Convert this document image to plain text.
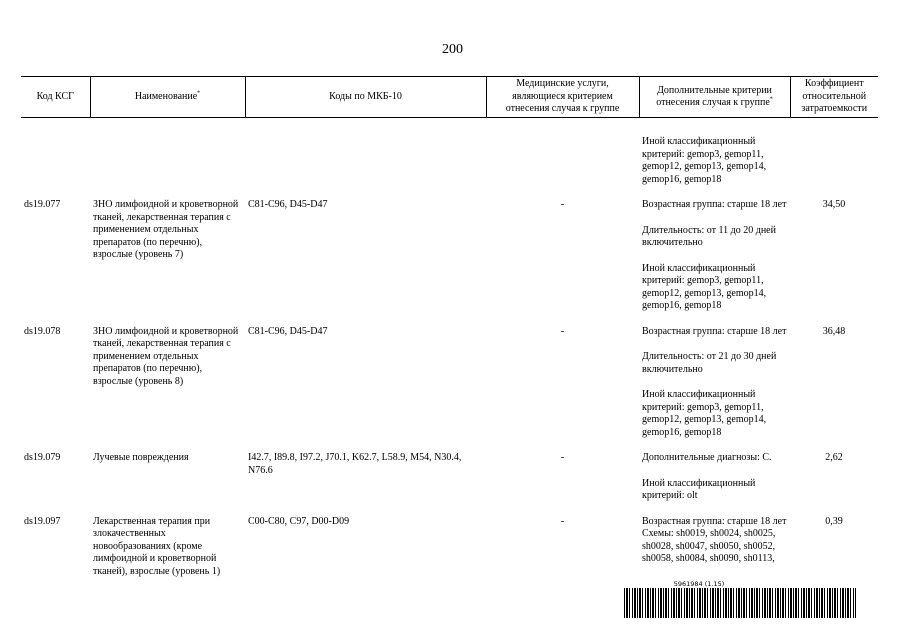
200
Код КСГ	Наименование*	Коды по МКБ-10	Медицинские услуги, являющиеся критерием отнесения случая к группе	Дополнительные критерии отнесения случая к группе*	Коэффициент относительной затратоемкости
				Иной классификационный критерий: gemop3, gemop11, gemop12, gemop13, gemop14, gemop16, gemop18	
ds19.077	ЗНО лимфоидной и кроветворной тканей, лекарственная терапия с применением отдельных препаратов (по перечню), взрослые (уровень 7)	C81-C96, D45-D47	-	Возрастная группа: старше 18 лет
Длительность: от 11 до 20 дней включительно
Иной классификационный критерий: gemop3, gemop11, gemop12, gemop13, gemop14, gemop16, gemop18	34,50
ds19.078	ЗНО лимфоидной и кроветворной тканей, лекарственная терапия с применением отдельных препаратов (по перечню), взрослые (уровень 8)	C81-C96, D45-D47	-	Возрастная группа: старше 18 лет
Длительность: от 21 до 30 дней включительно
Иной классификационный критерий: gemop3, gemop11, gemop12, gemop13, gemop14, gemop16, gemop18	36,48
ds19.079	Лучевые повреждения	I42.7, I89.8, I97.2, J70.1, K62.7, L58.9, M54, N30.4, N76.6	-	Дополнительные диагнозы: С.
Иной классификационный критерий: olt	2,62
ds19.097	Лекарственная терапия при злокачественных новообразованиях (кроме лимфоидной и кроветворной тканей), взрослые (уровень 1)	C00-C80, C97, D00-D09	-	Возрастная группа: старше 18 лет
Схемы: sh0019, sh0024, sh0025, sh0028, sh0047, sh0050, sh0052, sh0058, sh0084, sh0090, sh0113,	0,39
5961984 (1.15)
